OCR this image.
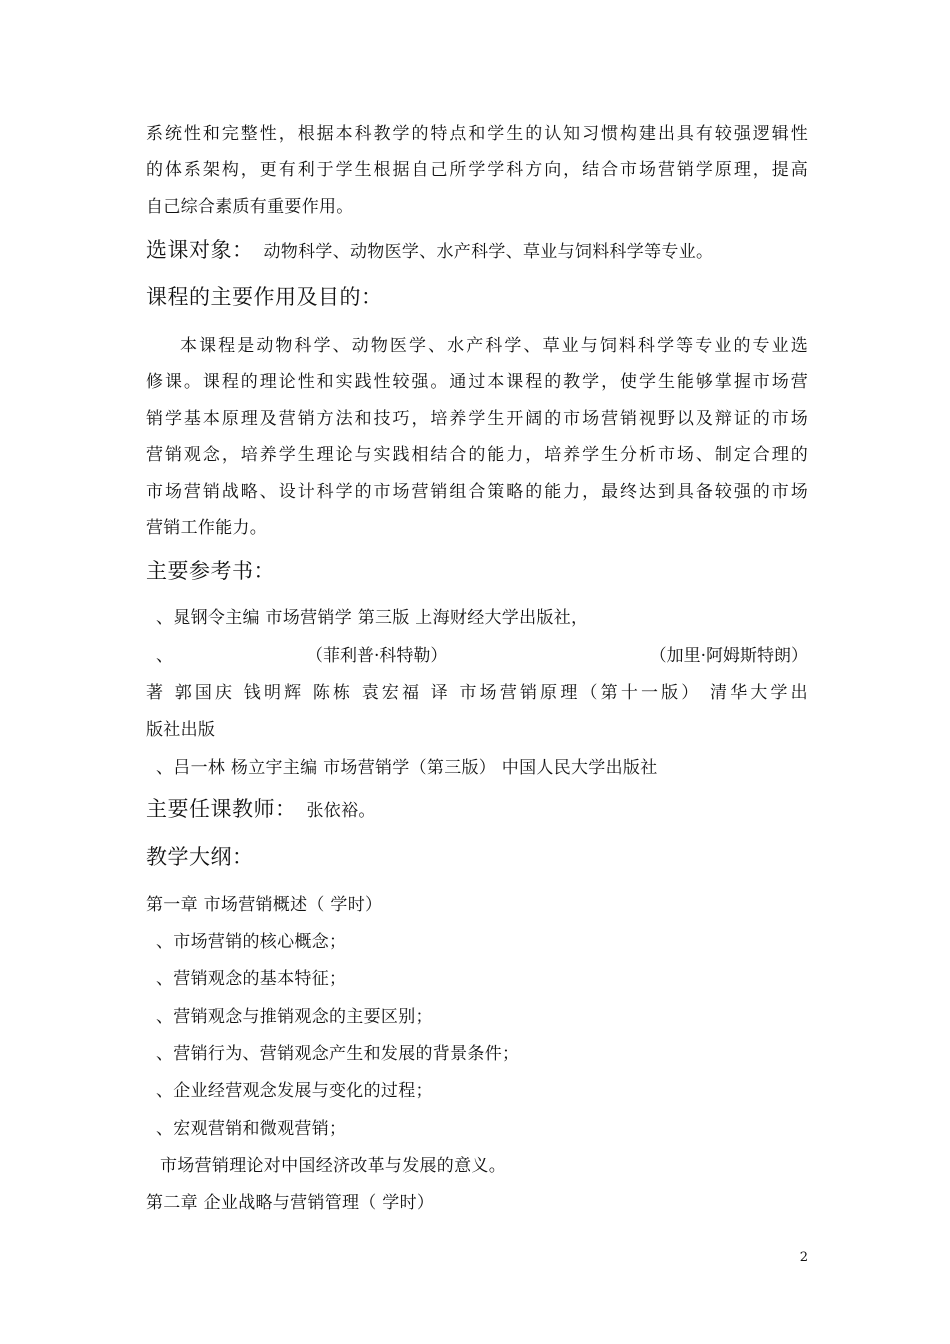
系统性和完整性，根据本科教学的特点和学生的认知习惯构建出具有较强逻辑性
的体系架构，更有利于学生根据自己所学学科方向，结合市场营销学原理，提高
自己综合素质有重要作用。
选课对象： 动物科学、动物医学、水产科学、草业与饲料科学等专业。
课程的主要作用及目的：
本课程是动物科学、动物医学、水产科学、草业与饲料科学等专业的专业选
修课。课程的理论性和实践性较强。通过本课程的教学，使学生能够掌握市场营
销学基本原理及营销方法和技巧，培养学生开阔的市场营销视野以及辩证的市场
营销观念，培养学生理论与实践相结合的能力，培养学生分析市场、制定合理的
市场营销战略、设计科学的市场营销组合策略的能力，最终达到具备较强的市场
营销工作能力。
主要参考书：
、晁钢令主编 市场营销学 第三版 上海财经大学出版社，
、	（菲利普·科特勒）	（加里·阿姆斯特朗）
著 郭国庆 钱明辉 陈栋 袁宏福 译 市场营销原理（第十一版） 清华大学出
版社出版
、吕一林 杨立宇主编 市场营销学（第三版） 中国人民大学出版社
主要任课教师： 张依裕。
教学大纲：
第一章 市场营销概述（ 学时）
、市场营销的核心概念；
、营销观念的基本特征；
、营销观念与推销观念的主要区别；
、营销行为、营销观念产生和发展的背景条件；
、企业经营观念发展与变化的过程；
、宏观营销和微观营销；
市场营销理论对中国经济改革与发展的意义。
第二章 企业战略与营销管理（ 学时）
2
